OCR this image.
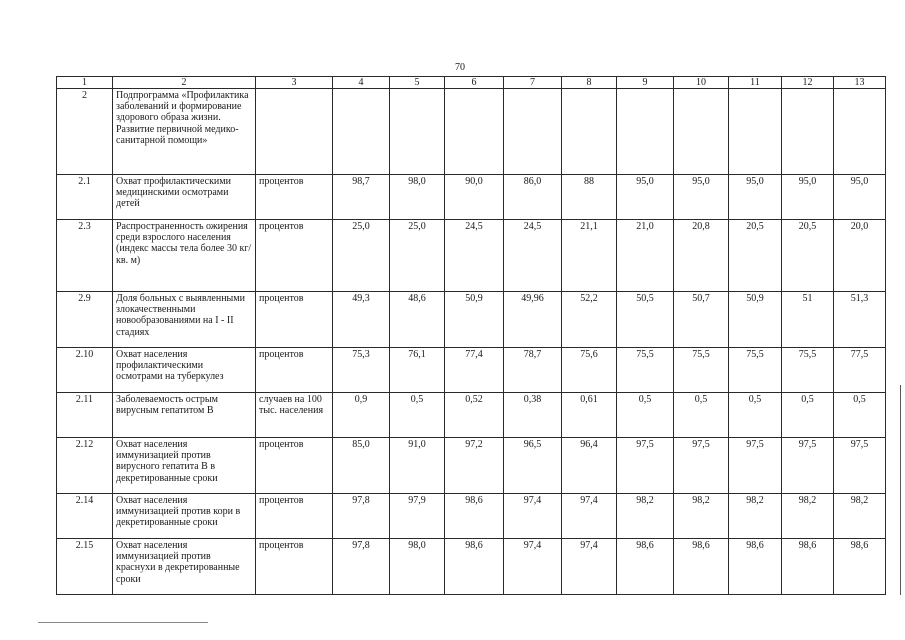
70
1	2	3	4	5	6	7	8	9	10	11	12	13
2	Подпрограмма «Профилактика заболеваний и формирование здорового образа жизни. Развитие первичной медико-санитарной помощи»											
2.1	Охват профилактическими медицинскими осмотрами детей	процентов	98,7	98,0	90,0	86,0	88	95,0	95,0	95,0	95,0	95,0
2.3	Распространенность ожирения среди взрослого населения (индекс массы тела более 30 кг/кв. м)	процентов	25,0	25,0	24,5	24,5	21,1	21,0	20,8	20,5	20,5	20,0
2.9	Доля больных с выявленными злокачественными новообразованиями на I - II стадиях	процентов	49,3	48,6	50,9	49,96	52,2	50,5	50,7	50,9	51	51,3
2.10	Охват населения профилактическими осмотрами на туберкулез	процентов	75,3	76,1	77,4	78,7	75,6	75,5	75,5	75,5	75,5	77,5
2.11	Заболеваемость острым вирусным гепатитом В	случаев на 100 тыс. населения	0,9	0,5	0,52	0,38	0,61	0,5	0,5	0,5	0,5	0,5
2.12	Охват населения иммунизацией против вирусного гепатита В в декретированные сроки	процентов	85,0	91,0	97,2	96,5	96,4	97,5	97,5	97,5	97,5	97,5
2.14	Охват населения иммунизацией против кори в декретированные сроки	процентов	97,8	97,9	98,6	97,4	97,4	98,2	98,2	98,2	98,2	98,2
2.15	Охват населения иммунизацией против краснухи в декретированные сроки	процентов	97,8	98,0	98,6	97,4	97,4	98,6	98,6	98,6	98,6	98,6
